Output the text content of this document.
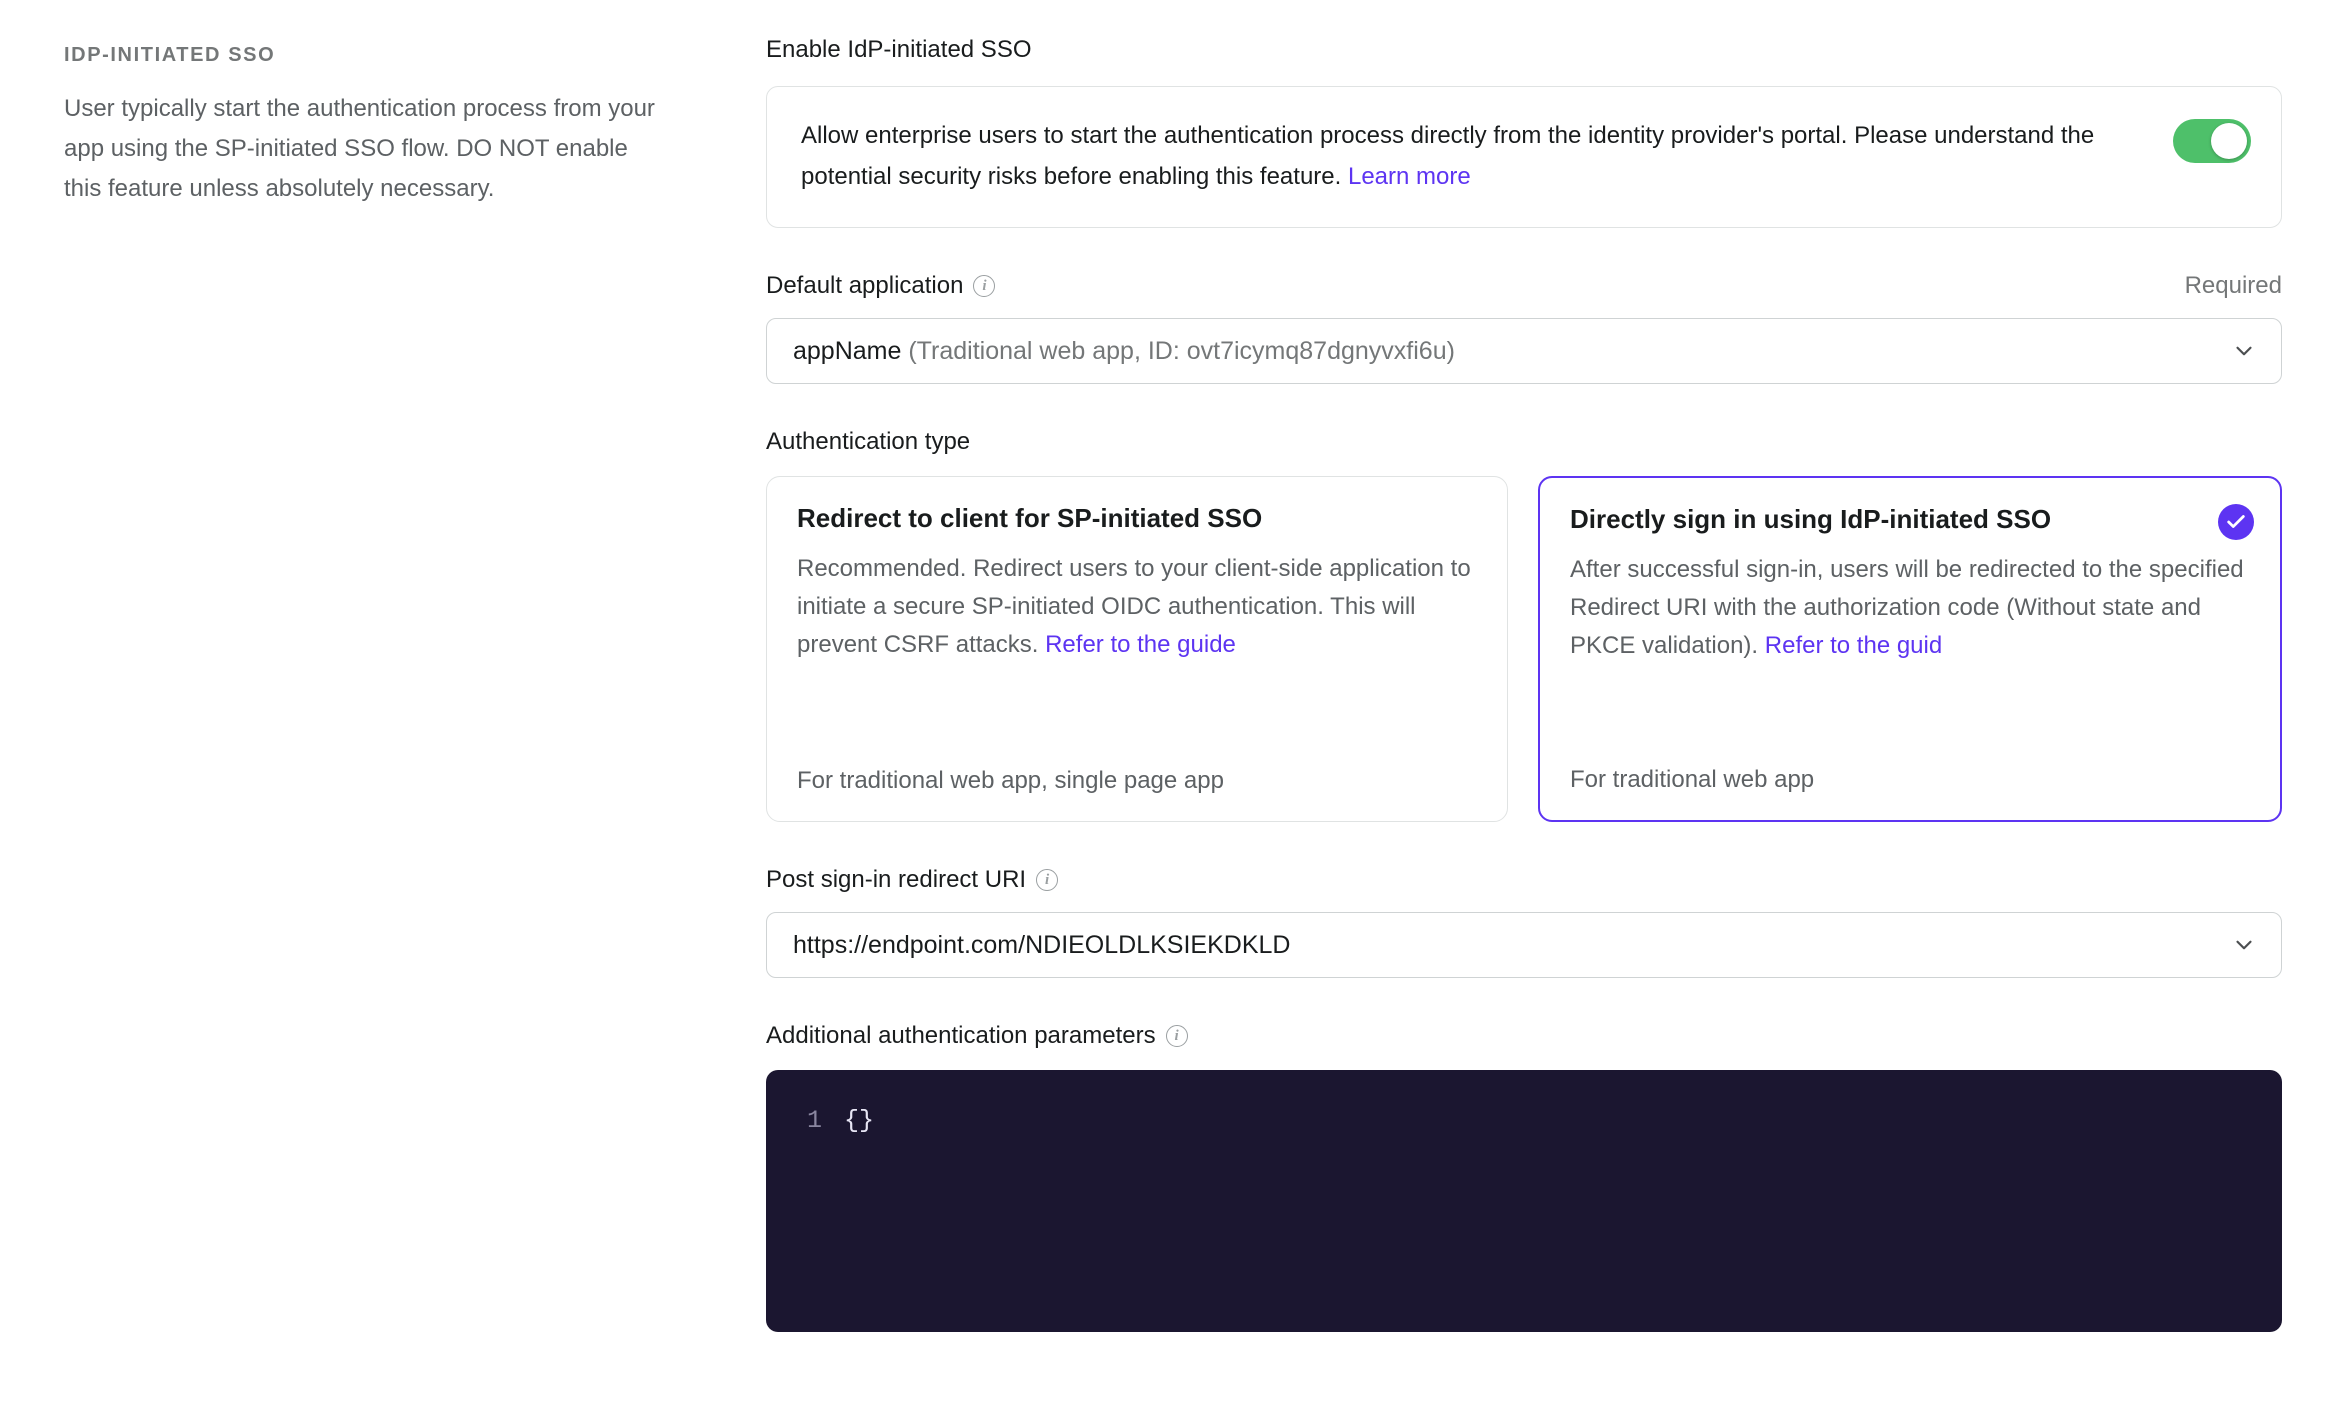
IDP-INITIATED SSO

User typically start the authentication process from your app using the SP-initiated SSO flow. DO NOT enable this feature unless absolutely necessary.

Enable IdP-initiated SSO
Allow enterprise users to start the authentication process directly from the identity provider's portal. Please understand the potential security risks before enabling this feature. Learn more
Default application	i	Required
appName (Traditional web app, ID: ovt7icymq87dgnyvxfi6u)
Authentication type
Redirect to client for SP-initiated SSO
Recommended. Redirect users to your client-side application to initiate a secure SP-initiated OIDC authentication. This will prevent CSRF attacks. Refer to the guide
For traditional web app, single page app
Directly sign in using IdP-initiated SSO
After successful sign-in, users will be redirected to the specified Redirect URI with the authorization code (Without state and PKCE validation). Refer to the guid
For traditional web app
Post sign-in redirect URI	i
https://endpoint.com/NDIEOLDLKSIEKDKLD
Additional authentication parameters	i
1 {}
